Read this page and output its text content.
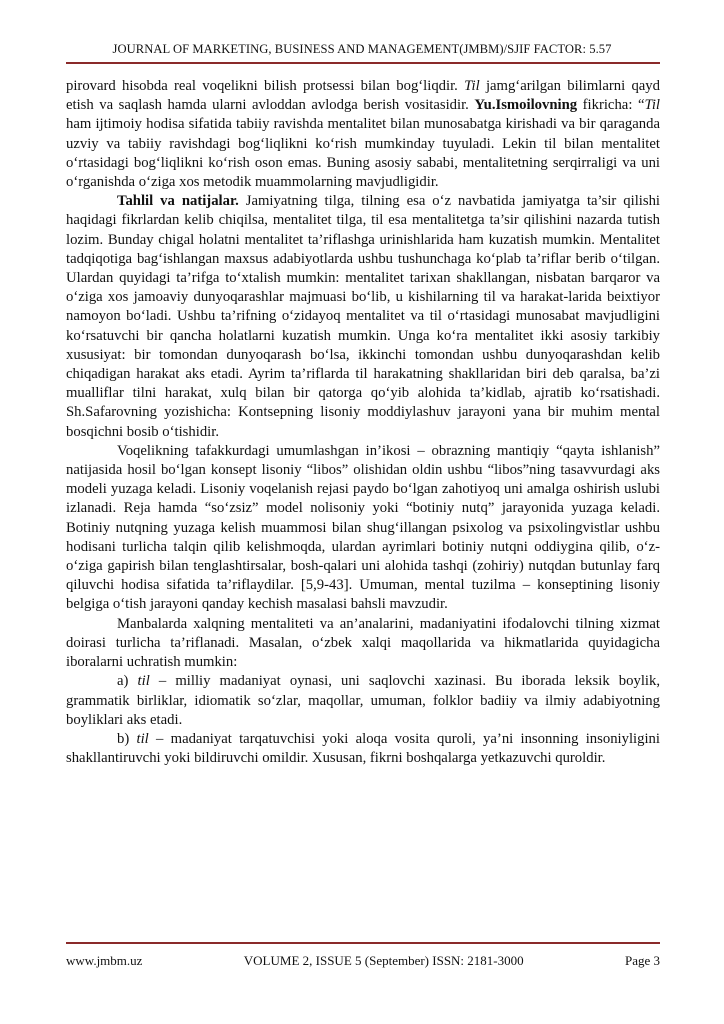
JOURNAL OF MARKETING, BUSINESS AND MANAGEMENT(JMBM)/SJIF FACTOR: 5.57

pirovard hisobda real voqelikni bilish protsessi bilan bog‘liqdir. Til jamg‘arilgan bilimlarni qayd etish va saqlash hamda ularni avloddan avlodga berish vositasidir. Yu.Ismoilovning fikricha: “Til ham ijtimoiy hodisa sifatida tabiiy ravishda mentalitet bilan munosabatga kirishadi va bir qaraganda uzviy va tabiiy ravishdagi bog‘liqlikni ko‘rish mumkinday tuyuladi. Lekin til bilan mentalitet o‘rtasidagi bog‘liqlikni ko‘rish oson emas. Buning asosiy sababi, mentalitetning serqirraligi va uni o‘rganishda o‘ziga xos metodik muammolarning mavjudligidir.

Tahlil va natijalar. Jamiyatning tilga, tilning esa o‘z navbatida jamiyatga ta’sir qilishi haqidagi fikrlardan kelib chiqilsa, mentalitet tilga, til esa mentalitetga ta’sir qilishini nazarda tutish lozim. Bunday chigal holatni mentalitet ta’riflashga urinishlarida ham kuzatish mumkin. Mentalitet tadqiqotiga bag‘ishlangan maxsus adabiyotlarda ushbu tushunchaga ko‘plab ta’riflar berib o‘tilgan. Ulardan quyidagi ta’rifga to‘xtalish mumkin: mentalitet tarixan shakllangan, nisbatan barqaror va o‘ziga xos jamoaviy dunyoqarashlar majmuasi bo‘lib, u kishilarning til va harakat-larida beixtiyor namoyon bo‘ladi. Ushbu ta’rifning o‘zidayoq mentalitet va til o‘rtasidagi munosabat mavjudligini ko‘rsatuvchi bir qancha holatlarni kuzatish mumkin. Unga ko‘ra mentalitet ikki asosiy tarkibiy xususiyat: bir tomondan dunyoqarash bo‘lsa, ikkinchi tomondan ushbu dunyoqarashdan kelib chiqadigan harakat aks etadi. Ayrim ta’riflarda til harakatning shakllaridan biri deb qaralsa, ba’zi mualliflar tilni harakat, xulq bilan bir qatorga qo‘yib alohida ta’kidlab, ajratib ko‘rsatishadi. Sh.Safarovning yozishicha: Kontsepning lisoniy moddiylashuv jarayoni yana bir muhim mental bosqichni bosib o‘tishidir.

Voqelikning tafakkurdagi umumlashgan in’ikosi – obrazning mantiqiy “qayta ishlanish” natijasida hosil bo‘lgan konsept lisoniy “libos” olishidan oldin ushbu “libos”ning tasavvurdagi aks modeli yuzaga keladi. Lisoniy voqelanish rejasi paydo bo‘lgan zahotiyoq uni amalga oshirish uslubi izlanadi. Reja hamda “so‘zsiz” model nolisoniy yoki “botiniy nutq” jarayonida yuzaga keladi. Botiniy nutqning yuzaga kelish muammosi bilan shug‘illangan psixolog va psixolingvistlar ushbu hodisani turlicha talqin qilib kelishmoqda, ulardan ayrimlari botiniy nutqni oddiygina qilib, o‘z-o‘ziga gapirish bilan tenglashtirsalar, bosh-qalari uni alohida tashqi (zohiriy) nutqdan butunlay farq qiluvchi hodisa sifatida ta’riflaydilar. [5,9-43]. Umuman, mental tuzilma – konseptining lisoniy belgiga o‘tish jarayoni qanday kechish masalasi bahsli mavzudir.

Manbalarda xalqning mentaliteti va an’analarini, madaniyatini ifodalovchi tilning xizmat doirasi turlicha ta’riflanadi. Masalan, o‘zbek xalqi maqollarida va hikmatlarida quyidagicha iboralarni uchratish mumkin:

a) til – milliy madaniyat oynasi, uni saqlovchi xazinasi. Bu iborada leksik boylik, grammatik birliklar, idiomatik so‘zlar, maqollar, umuman, folklor badiiy va ilmiy adabiyotning boyliklari aks etadi.

b) til – madaniyat tarqatuvchisi yoki aloqa vosita quroli, ya’ni insonning insoniyligini shakllantiruvchi yoki bildiruvchi omildir. Xususan, fikrni boshqalarga yetkazuvchi quroldir.

www.jmbm.uz	VOLUME 2, ISSUE 5 (September) ISSN: 2181-3000	Page 3
